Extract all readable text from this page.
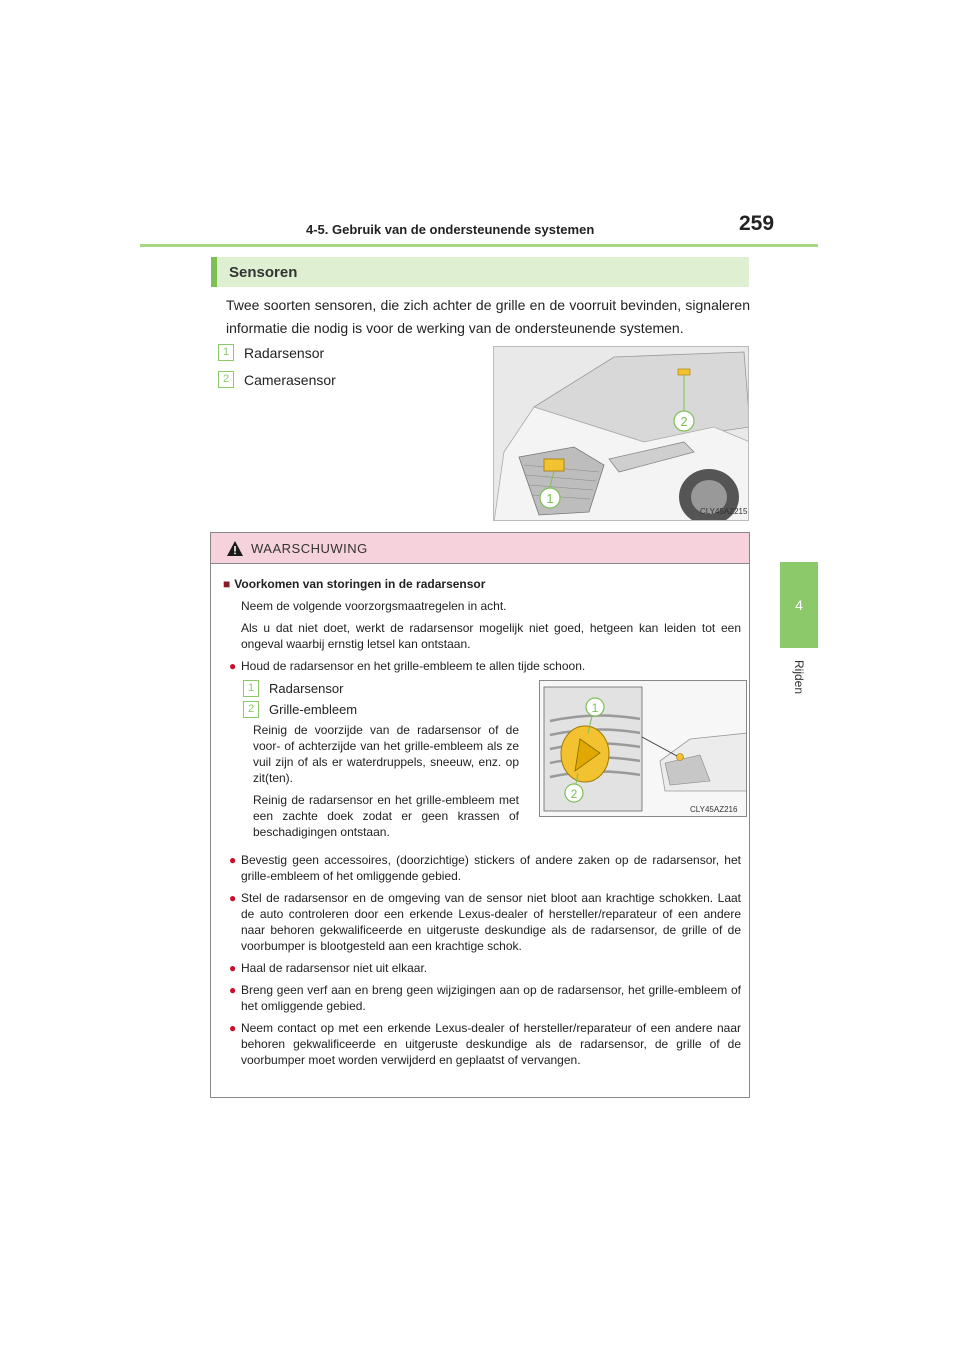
4-5. Gebruik van de ondersteunende systemen	259
4
Rijden
Sensoren
Twee soorten sensoren, die zich achter de grille en de voorruit bevinden, signaleren informatie die nodig is voor de werking van de ondersteunende systemen.
1	Radarsensor
2	Camerasensor
1
2
CLY45AZ215
WAARSCHUWING
■ Voorkomen van storingen in de radarsensor
Neem de volgende voorzorgsmaatregelen in acht.
Als u dat niet doet, werkt de radarsensor mogelijk niet goed, hetgeen kan leiden tot een ongeval waarbij ernstig letsel kan ontstaan.
● Houd de radarsensor en het grille-embleem te allen tijde schoon.
1	Radarsensor
2	Grille-embleem
Reinig de voorzijde van de radarsensor of de voor- of achterzijde van het grille-embleem als ze vuil zijn of als er waterdruppels, sneeuw, enz. op zit(ten).
Reinig de radarsensor en het grille-embleem met een zachte doek zodat er geen krassen of beschadigingen ontstaan.
1
2
CLY45AZ216
● Bevestig geen accessoires, (doorzichtige) stickers of andere zaken op de radarsensor, het grille-embleem of het omliggende gebied.
● Stel de radarsensor en de omgeving van de sensor niet bloot aan krachtige schokken. Laat de auto controleren door een erkende Lexus-dealer of hersteller/reparateur of een andere naar behoren gekwalificeerde en uitgeruste deskundige als de radarsensor, de grille of de voorbumper is blootgesteld aan een krachtige schok.
● Haal de radarsensor niet uit elkaar.
● Breng geen verf aan en breng geen wijzigingen aan op de radarsensor, het grille-embleem of het omliggende gebied.
● Neem contact op met een erkende Lexus-dealer of hersteller/reparateur of een andere naar behoren gekwalificeerde en uitgeruste deskundige als de radarsensor, de grille of de voorbumper moet worden verwijderd en geplaatst of vervangen.
